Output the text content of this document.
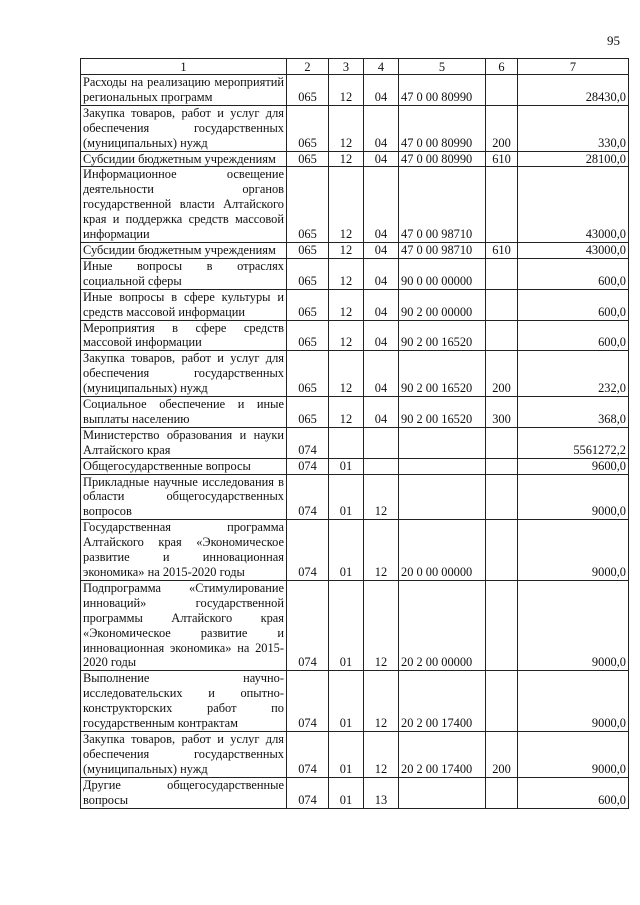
95
1	2	3	4	5	6	7
Расходы на реализацию мероприятий региональных программ	065	12	04	47 0 00 80990		28430,0
Закупка товаров, работ и услуг для обеспечения государственных (муниципальных) нужд	065	12	04	47 0 00 80990	200	330,0
Субсидии бюджетным учреждениям	065	12	04	47 0 00 80990	610	28100,0
Информационное освещение деятельности органов государственной власти Алтайского края и поддержка средств массовой информации	065	12	04	47 0 00 98710		43000,0
Субсидии бюджетным учреждениям	065	12	04	47 0 00 98710	610	43000,0
Иные вопросы в отраслях социальной сферы	065	12	04	90 0 00 00000		600,0
Иные вопросы в сфере культуры и средств массовой информации	065	12	04	90 2 00 00000		600,0
Мероприятия в сфере средств массовой информации	065	12	04	90 2 00 16520		600,0
Закупка товаров, работ и услуг для обеспечения государственных (муниципальных) нужд	065	12	04	90 2 00 16520	200	232,0
Социальное обеспечение и иные выплаты населению	065	12	04	90 2 00 16520	300	368,0
Министерство образования и науки Алтайского края	074					5561272,2
Общегосударственные вопросы	074	01				9600,0
Прикладные научные исследования в области общегосударственных вопросов	074	01	12			9000,0
Государственная программа Алтайского края «Экономическое развитие и инновационная экономика» на 2015-2020 годы	074	01	12	20 0 00 00000		9000,0
Подпрограмма «Стимулирование инноваций» государственной программы Алтайского края «Экономическое развитие и инновационная экономика» на 2015-2020 годы	074	01	12	20 2 00 00000		9000,0
Выполнение научно-исследовательских и опытно-конструкторских работ по государственным контрактам	074	01	12	20 2 00 17400		9000,0
Закупка товаров, работ и услуг для обеспечения государственных (муниципальных) нужд	074	01	12	20 2 00 17400	200	9000,0
Другие общегосударственные вопросы	074	01	13			600,0
